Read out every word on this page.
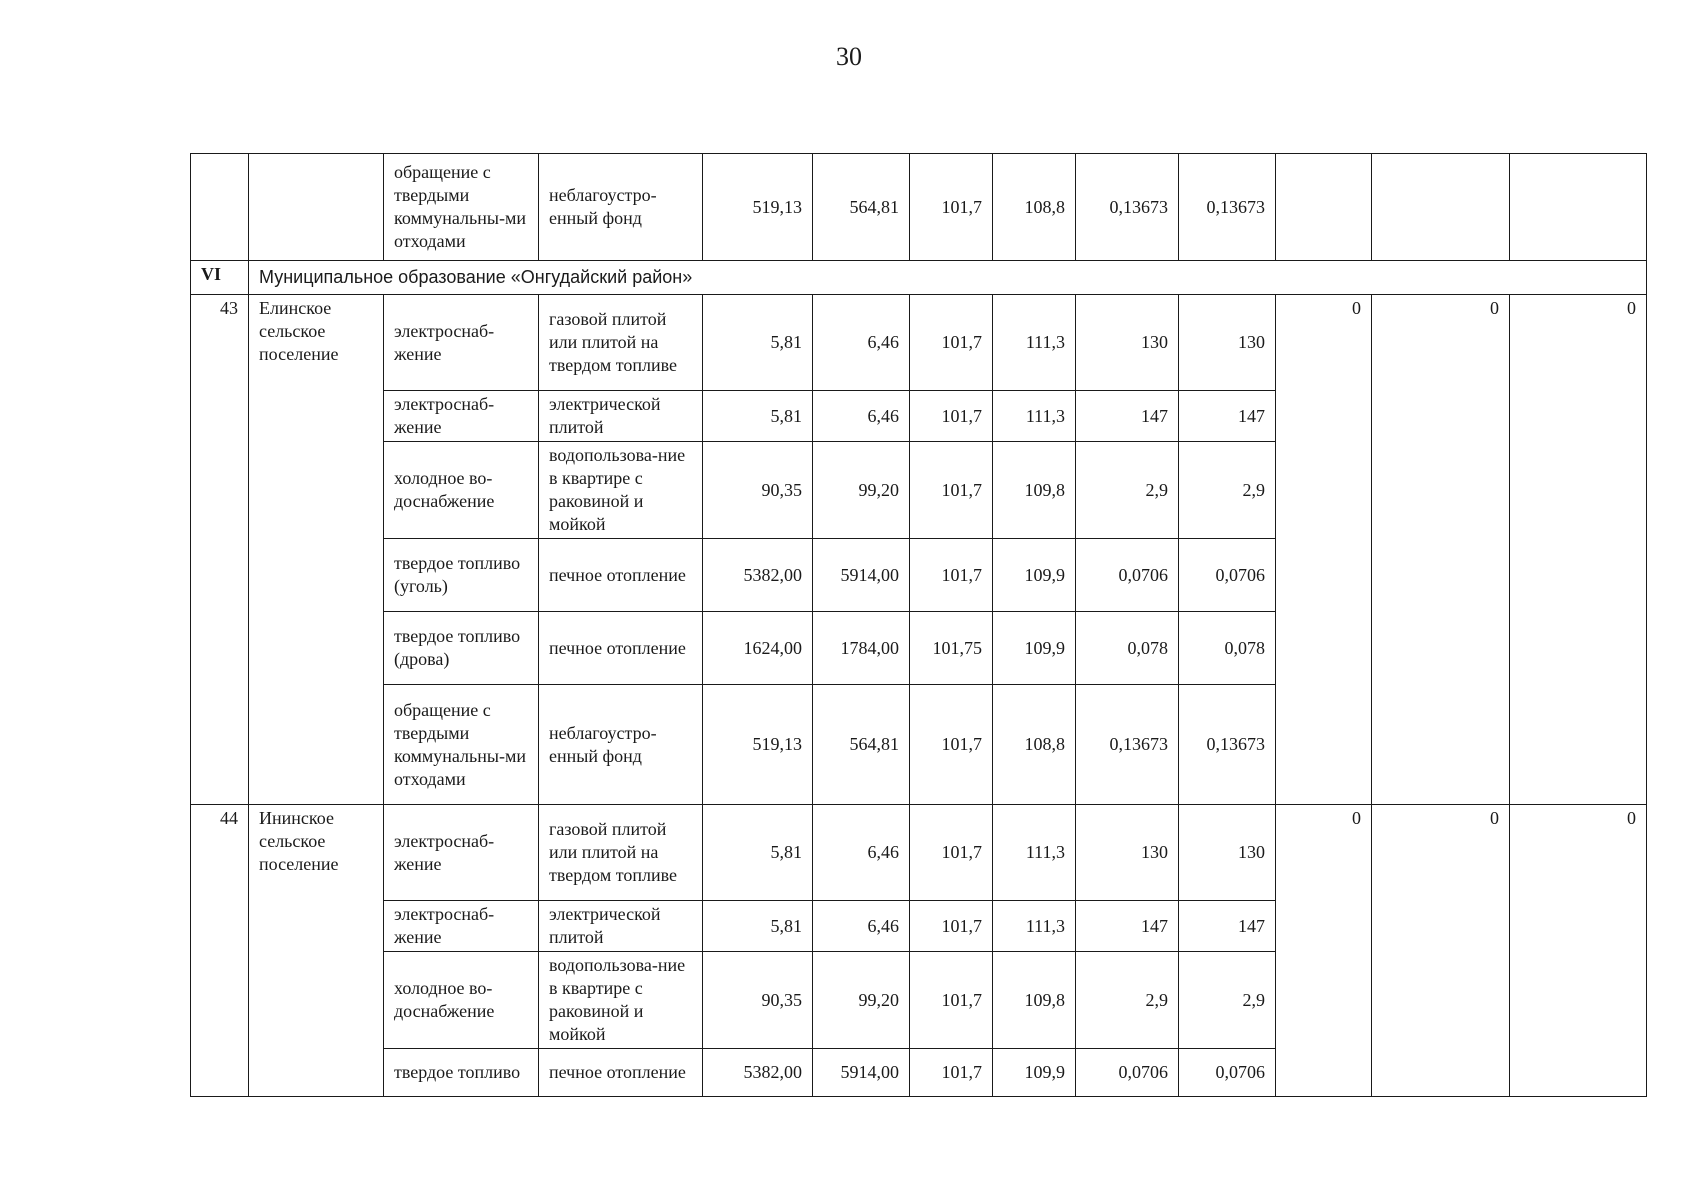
30
		обращение с твердыми коммунальны-ми отходами	неблагоустро-енный фонд	519,13	564,81	101,7	108,8	0,13673	0,13673			
VI	Муниципальное образование «Онгудайский район»											
43	Елинское сельское поселение	электроснаб-жение	газовой плитой или плитой на твердом топливе	5,81	6,46	101,7	111,3	130	130	0	0	0
		электроснаб-жение	электрической плитой	5,81	6,46	101,7	111,3	147	147			
		холодное во-доснабжение	водопользова-ние в квартире с раковиной и мойкой	90,35	99,20	101,7	109,8	2,9	2,9			
		твердое топливо (уголь)	печное отопление	5382,00	5914,00	101,7	109,9	0,0706	0,0706			
		твердое топливо (дрова)	печное отопление	1624,00	1784,00	101,75	109,9	0,078	0,078			
		обращение с твердыми коммунальны-ми отходами	неблагоустро-енный фонд	519,13	564,81	101,7	108,8	0,13673	0,13673			
44	Ининское сельское поселение	электроснаб-жение	газовой плитой или плитой на твердом топливе	5,81	6,46	101,7	111,3	130	130	0	0	0
		электроснаб-жение	электрической плитой	5,81	6,46	101,7	111,3	147	147			
		холодное во-доснабжение	водопользова-ние в квартире с раковиной и мойкой	90,35	99,20	101,7	109,8	2,9	2,9			
		твердое топливо	печное отопление	5382,00	5914,00	101,7	109,9	0,0706	0,0706			
